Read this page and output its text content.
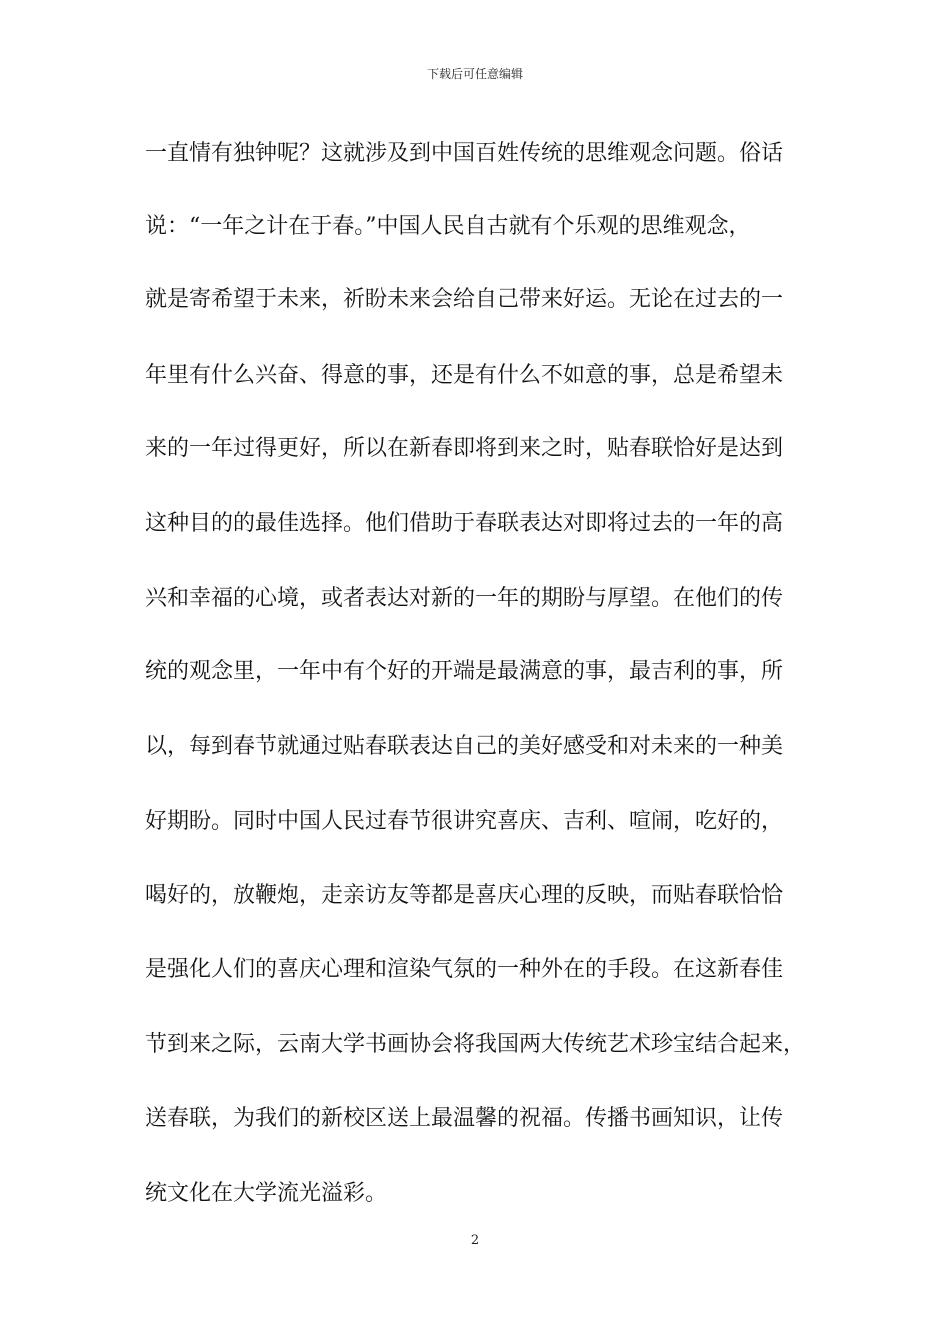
下载后可任意编辑
一直情有独钟呢？这就涉及到中国百姓传统的思维观念问题。俗话
说：“一年之计在于春。”中国人民自古就有个乐观的思维观念，
就是寄希望于未来，祈盼未来会给自己带来好运。无论在过去的一
年里有什么兴奋、得意的事，还是有什么不如意的事，总是希望未
来的一年过得更好，所以在新春即将到来之时，贴春联恰好是达到
这种目的的最佳选择。他们借助于春联表达对即将过去的一年的高
兴和幸福的心境，或者表达对新的一年的期盼与厚望。在他们的传
统的观念里，一年中有个好的开端是最满意的事，最吉利的事，所
以，每到春节就通过贴春联表达自己的美好感受和对未来的一种美
好期盼。同时中国人民过春节很讲究喜庆、吉利、喧闹，吃好的，
喝好的，放鞭炮，走亲访友等都是喜庆心理的反映，而贴春联恰恰
是强化人们的喜庆心理和渲染气氛的一种外在的手段。在这新春佳
节到来之际，云南大学书画协会将我国两大传统艺术珍宝结合起来，
送春联，为我们的新校区送上最温馨的祝福。传播书画知识，让传
统文化在大学流光溢彩。
2
